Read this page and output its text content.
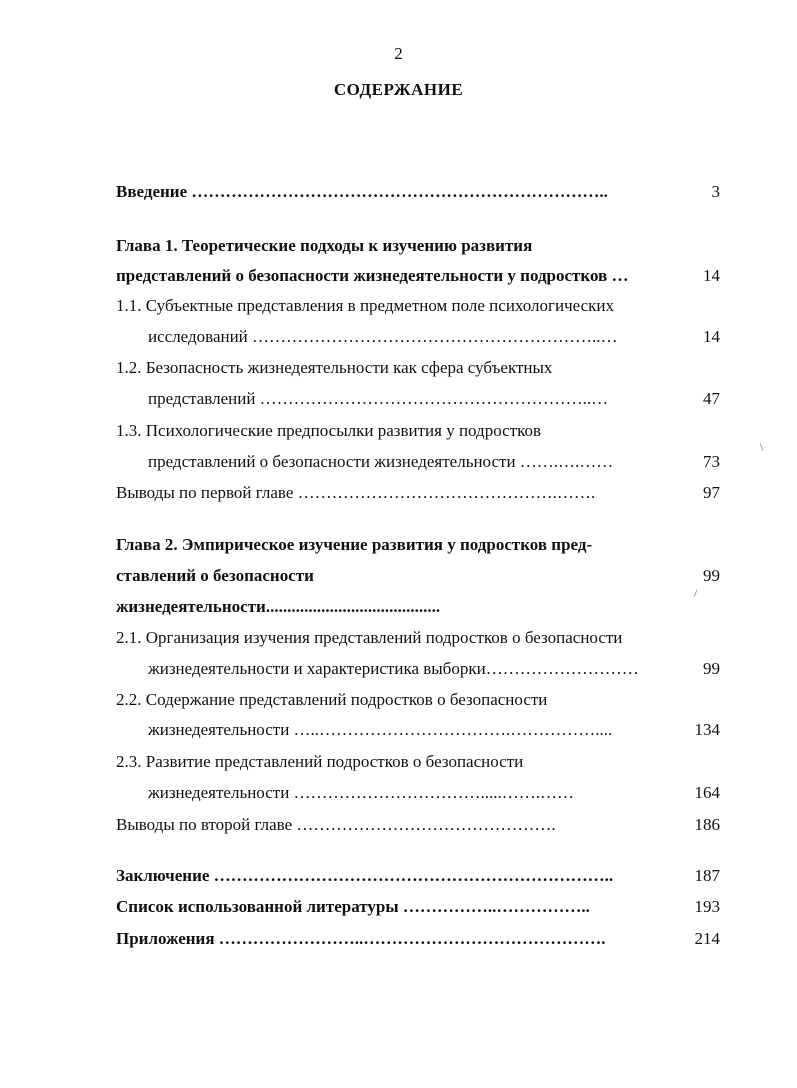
2
СОДЕРЖАНИЕ
Введение ………………………………………………………………..	3
Глава 1. Теоретические подходы к изучению развития
представлений о безопасности жизнедеятельности у подростков …	14
1.1. Субъектные представления в предметном поле психологических
исследований ……………………………………………………..…	14
1.2. Безопасность жизнедеятельности как сфера субъектных
представлений …………………………………………………..…	47
1.3. Психологические предпосылки развития у подростков
представлений о безопасности жизнедеятельности …….….……	73
Выводы по первой главе ……………………………………….…….	97
Глава 2. Эмпирическое изучение развития у подростков пред-
ставлений о безопасности	99
жизнедеятельности.........................................
2.1. Организация изучения представлений подростков о безопасности
жизнедеятельности и характеристика выборки………………………	99
2.2. Содержание представлений подростков о безопасности
жизнедеятельности …..…………………………….……………....	134
2.3. Развитие представлений подростков о безопасности
жизнедеятельности …………………………….....…….……	164
Выводы по второй главе ……………………………………….	186
Заключение ……………………………………………………………..	187
Список использованной литературы ……………..……………..	193
Приложения ……………………..…………………………………….	214
\
/
